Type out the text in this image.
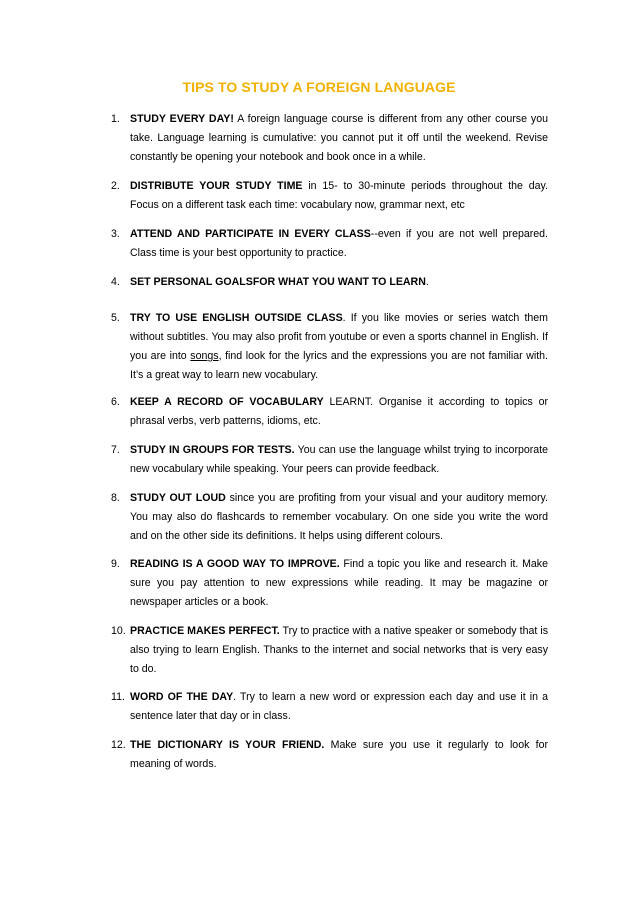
TIPS TO STUDY A FOREIGN LANGUAGE
1. STUDY EVERY DAY! A foreign language course is different from any other course you take. Language learning is cumulative: you cannot put it off until the weekend. Revise constantly be opening your notebook and book once in a while.
2. DISTRIBUTE YOUR STUDY TIME in 15- to 30-minute periods throughout the day. Focus on a different task each time: vocabulary now, grammar next, etc
3. ATTEND AND PARTICIPATE IN EVERY CLASS--even if you are not well prepared. Class time is your best opportunity to practice.
4. SET PERSONAL GOALSFOR WHAT YOU WANT TO LEARN.
5. TRY TO USE ENGLISH OUTSIDE CLASS. If you like movies or series watch them without subtitles. You may also profit from youtube or even a sports channel in English. If you are into songs, find look for the lyrics and the expressions you are not familiar with. It’s a great way to learn new vocabulary.
6. KEEP A RECORD OF VOCABULARY LEARNT. Organise it according to topics or phrasal verbs, verb patterns, idioms, etc.
7. STUDY IN GROUPS FOR TESTS. You can use the language whilst trying to incorporate new vocabulary while speaking. Your peers can provide feedback.
8. STUDY OUT LOUD since you are profiting from your visual and your auditory memory. You may also do flashcards to remember vocabulary. On one side you write the word and on the other side its definitions. It helps using different colours.
9. READING IS A GOOD WAY TO IMPROVE. Find a topic you like and research it. Make sure you pay attention to new expressions while reading. It may be magazine or newspaper articles or a book.
10. PRACTICE MAKES PERFECT. Try to practice with a native speaker or somebody that is also trying to learn English. Thanks to the internet and social networks that is very easy to do.
11. WORD OF THE DAY. Try to learn a new word or expression each day and use it in a sentence later that day or in class.
12. THE DICTIONARY IS YOUR FRIEND. Make sure you use it regularly to look for meaning of words.
